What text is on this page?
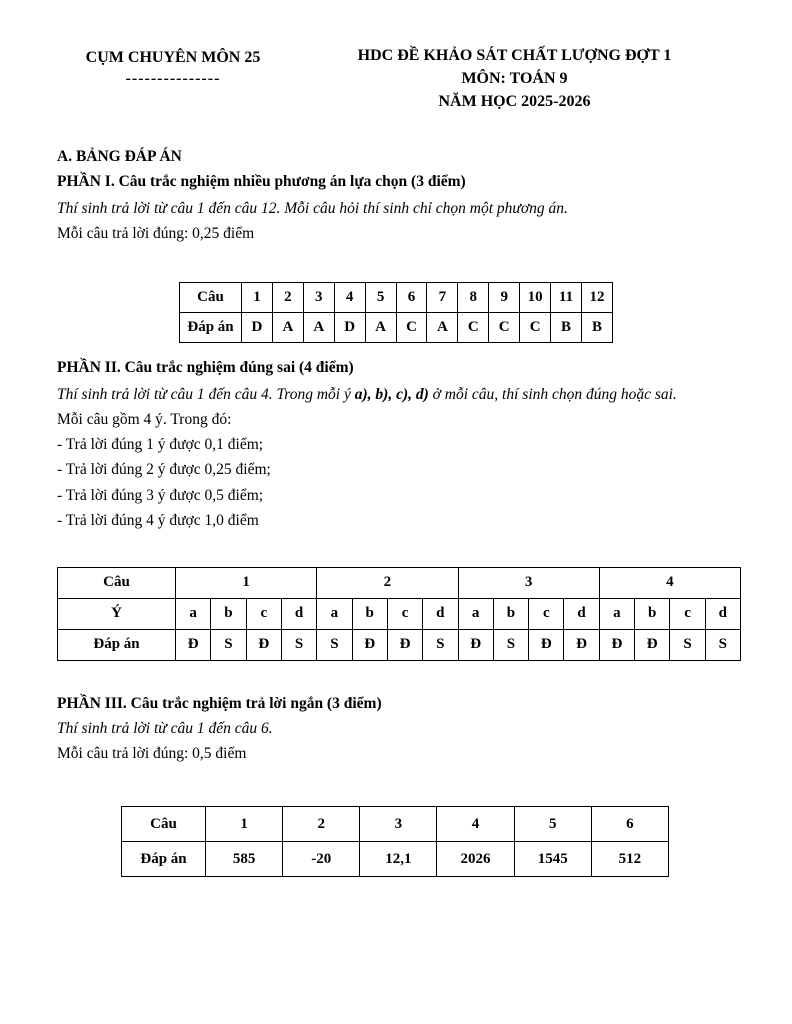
CỤM CHUYÊN MÔN 25
---------------
HDC ĐỀ KHẢO SÁT CHẤT LƯỢNG ĐỢT 1
MÔN: TOÁN 9
NĂM HỌC 2025-2026

A. BẢNG ĐÁP ÁN

PHẦN I. Câu trắc nghiệm nhiều phương án lựa chọn (3 điểm)

Thí sinh trả lời từ câu 1 đến câu 12. Mỗi câu hỏi thí sinh chỉ chọn một phương án.

Mỗi câu trả lời đúng: 0,25 điểm

Câu	1	2	3	4	5	6	7	8	9	10	11	12
Đáp án	D	A	A	D	A	C	A	C	C	C	B	B

PHẦN II. Câu trắc nghiệm đúng sai (4 điểm)

Thí sinh trả lời từ câu 1 đến câu 4. Trong mỗi ý a), b), c), d) ở mỗi câu, thí sinh chọn đúng hoặc sai.

Mỗi câu gồm 4 ý. Trong đó:

- Trả lời đúng 1 ý được 0,1 điểm;

- Trả lời đúng 2 ý được 0,25 điểm;

- Trả lời đúng 3 ý được 0,5 điểm;

- Trả lời đúng 4 ý được 1,0 điểm

Câu	1				2				3				4			
Ý	a	b	c	d	a	b	c	d	a	b	c	d	a	b	c	d
Đáp án	Đ	S	Đ	S	S	Đ	Đ	S	Đ	S	Đ	Đ	Đ	Đ	S	S

PHẦN III. Câu trắc nghiệm trả lời ngắn (3 điểm)

Thí sinh trả lời từ câu 1 đến câu 6.

Mỗi câu trả lời đúng: 0,5 điểm

Câu	1	2	3	4	5	6
Đáp án	585	-20	12,1	2026	1545	512
